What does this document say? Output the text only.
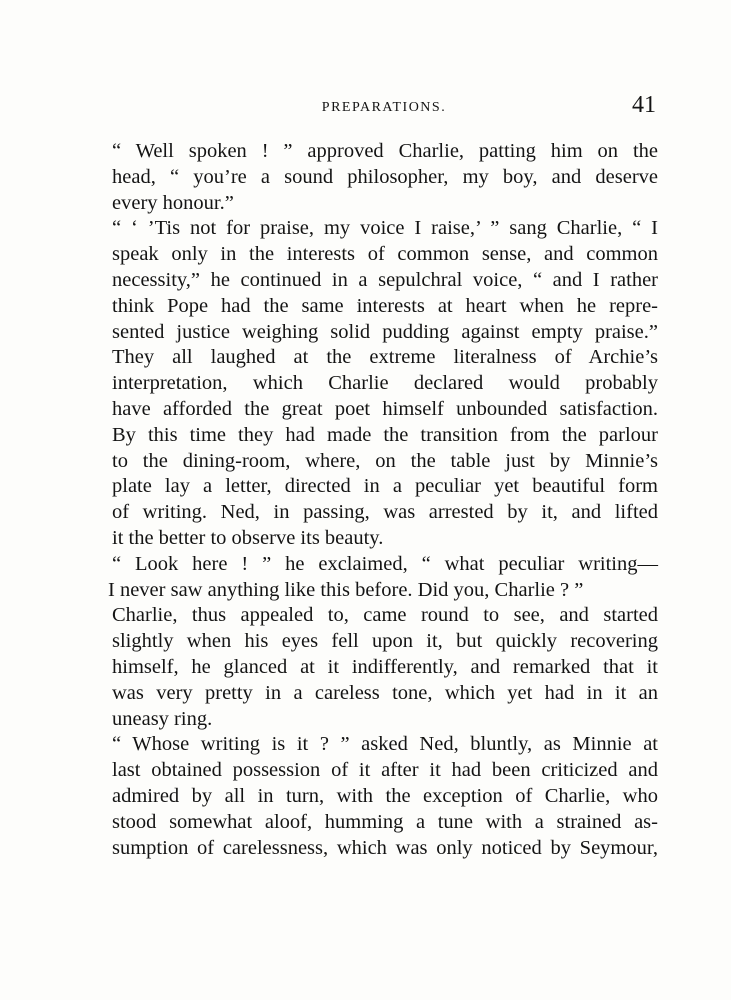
PREPARATIONS.	41
“ Well spoken ! ” approved Charlie, patting him on the
head, “ you’re a sound philosopher, my boy, and deserve
every honour.”
“ ‘ ’Tis not for praise, my voice I raise,’ ” sang Charlie, “ I
speak only in the interests of common sense, and common
necessity,” he continued in a sepulchral voice, “ and I rather
think Pope had the same interests at heart when he repre-
sented justice weighing solid pudding against empty praise.”
They all laughed at the extreme literalness of Archie’s
interpretation, which Charlie declared would probably
have afforded the great poet himself unbounded satisfaction.
By this time they had made the transition from the parlour
to the dining-room, where, on the table just by Minnie’s
plate lay a letter, directed in a peculiar yet beautiful form
of writing. Ned, in passing, was arrested by it, and lifted
it the better to observe its beauty.
“ Look here ! ” he exclaimed, “ what peculiar writing—
I never saw anything like this before. Did you, Charlie ? ”
Charlie, thus appealed to, came round to see, and started
slightly when his eyes fell upon it, but quickly recovering
himself, he glanced at it indifferently, and remarked that it
was very pretty in a careless tone, which yet had in it an
uneasy ring.
“ Whose writing is it ? ” asked Ned, bluntly, as Minnie at
last obtained possession of it after it had been criticized and
admired by all in turn, with the exception of Charlie, who
stood somewhat aloof, humming a tune with a strained as-
sumption of carelessness, which was only noticed by Seymour,
